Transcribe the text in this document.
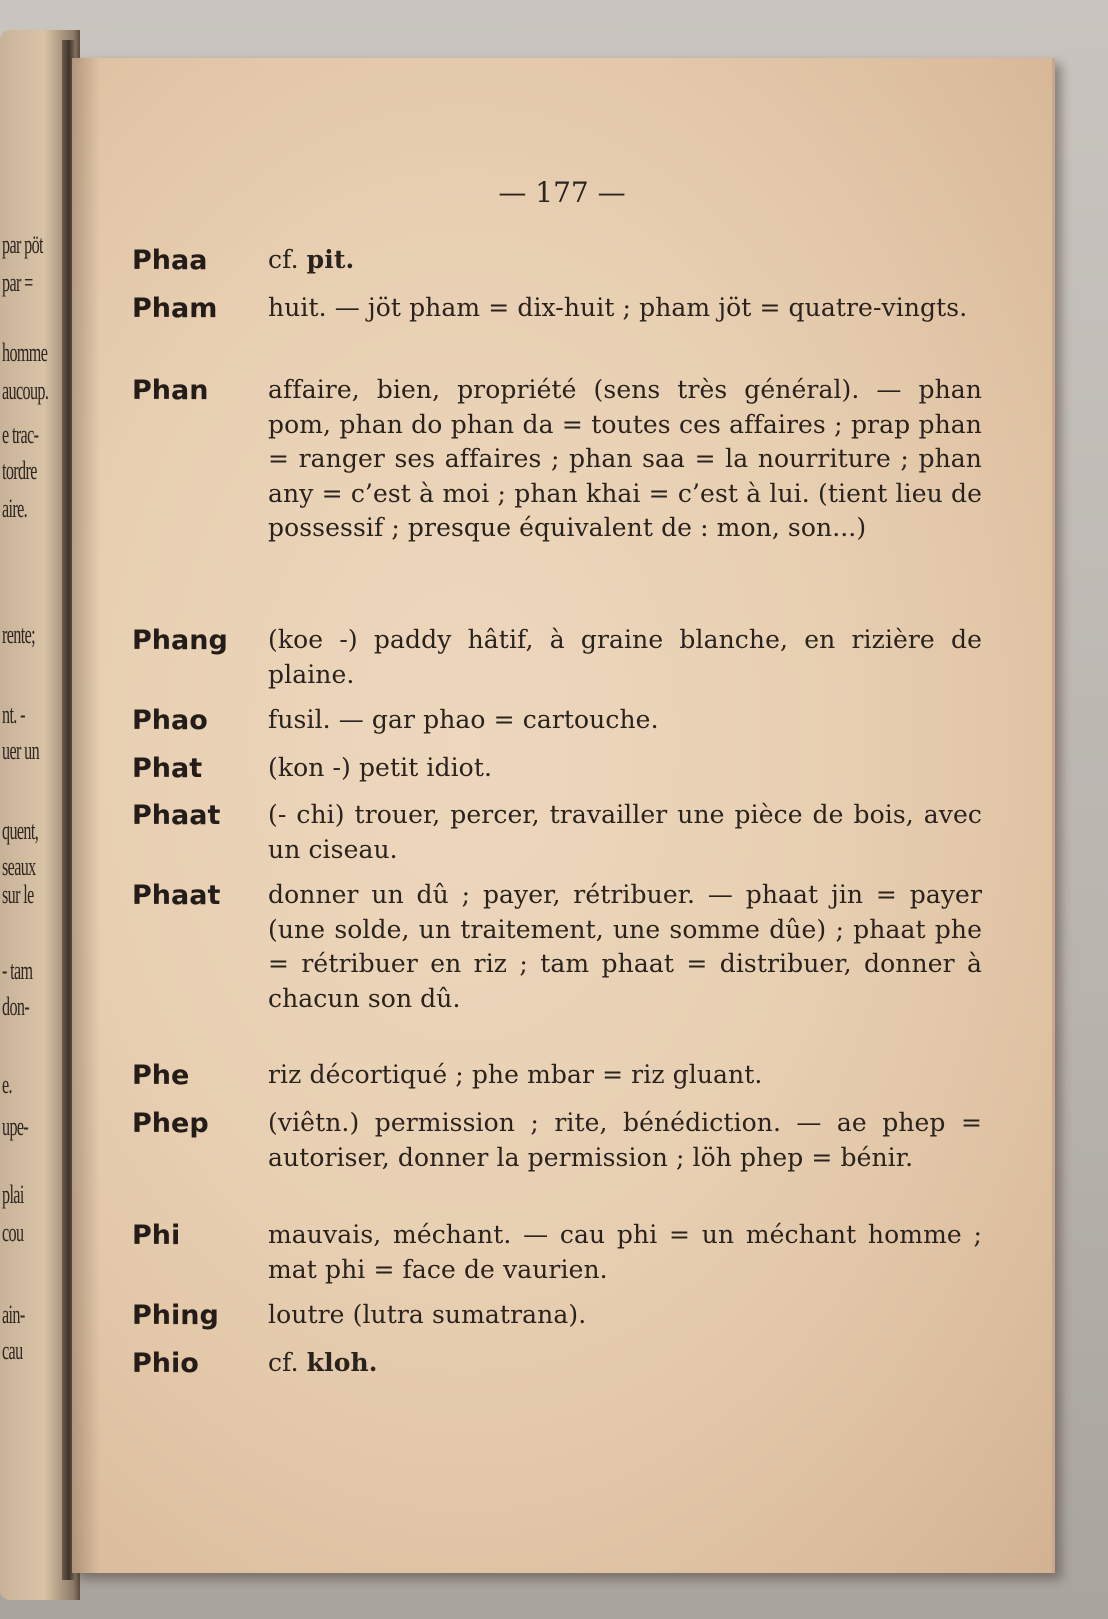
par pöt
par =
homme
aucoup.
e trac-
tordre
aire.
rente;
nt. -
uer un
quent,
seaux
sur le
- tam
don-
e.
upe-
plai
cou
ain-
cau
— 177 —
Phaa	cf. pit.
Pham	huit. — jöt pham = dix-huit ; pham jöt = quatre-vingts.
Phan	affaire, bien, propriété (sens très général). — phan pom, phan do phan da = toutes ces affaires ; prap phan = ranger ses affaires ; phan saa = la nourriture ; phan any = c’est à moi ; phan khai = c’est à lui. (tient lieu de possessif ; presque équivalent de : mon, son...)
Phang	(koe -) paddy hâtif, à graine blanche, en rizière de plaine.
Phao	fusil. — gar phao = cartouche.
Phat	(kon -) petit idiot.
Phaat	(- chi) trouer, percer, travailler une pièce de bois, avec un ciseau.
Phaat	donner un dû ; payer, rétribuer. — phaat jin = payer (une solde, un traitement, une somme dûe) ; phaat phe = rétribuer en riz ; tam phaat = distribuer, donner à chacun son dû.
Phe	riz décortiqué ; phe mbar = riz gluant.
Phep	(viêtn.) permission ; rite, bénédiction. — ae phep = autoriser, donner la permission ; löh phep = bénir.
Phi	mauvais, méchant. — cau phi = un méchant homme ; mat phi = face de vaurien.
Phing	loutre (lutra sumatrana).
Phio	cf. kloh.
